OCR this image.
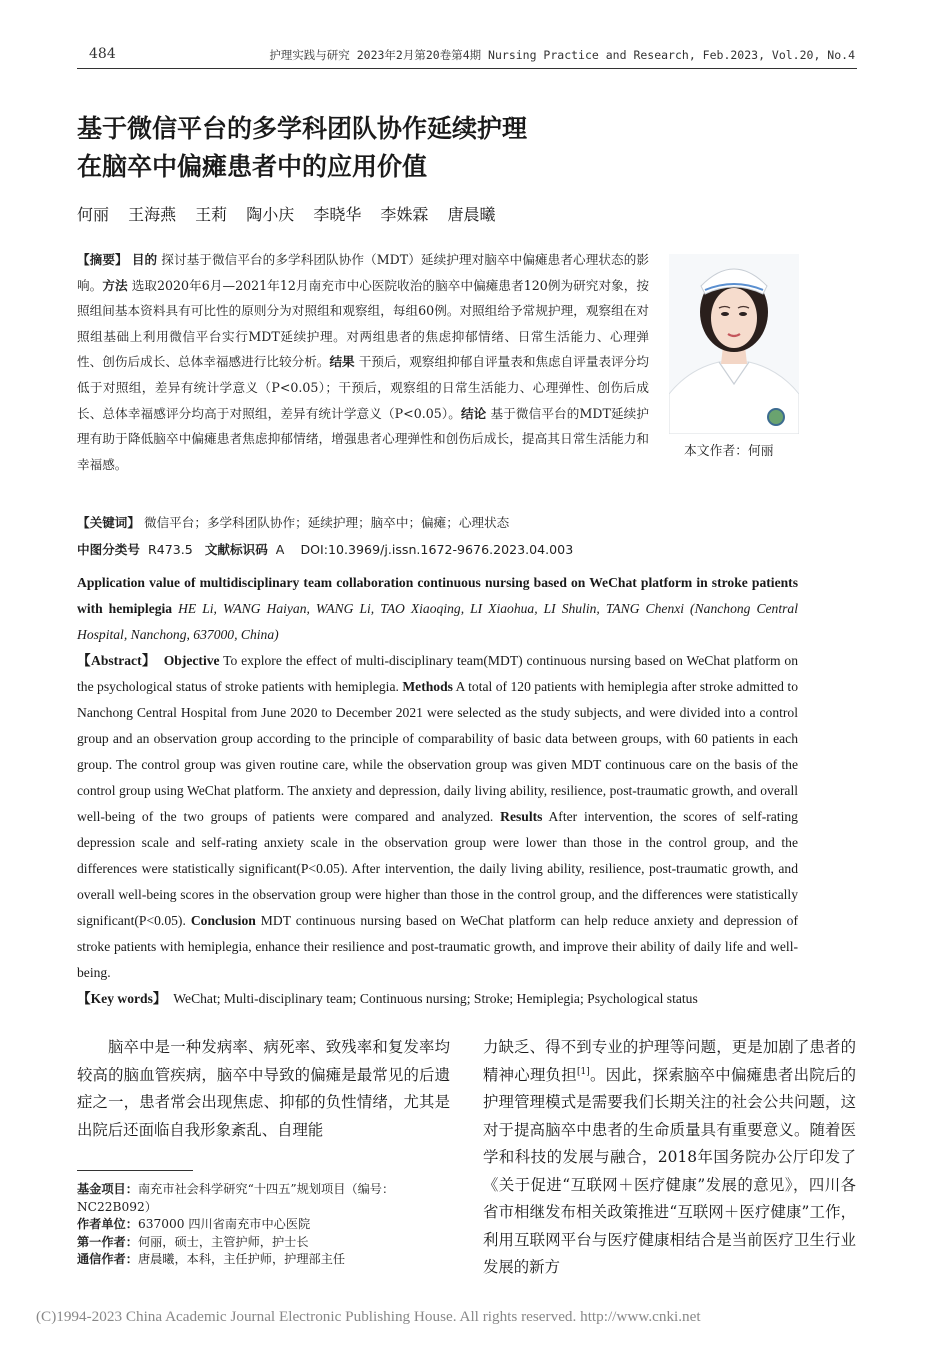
484	护理实践与研究 2023年2月第20卷第4期 Nursing Practice and Research, Feb.2023, Vol.20, No.4
基于微信平台的多学科团队协作延续护理
在脑卒中偏瘫患者中的应用价值
何丽 王海燕 王莉 陶小庆 李晓华 李姝霖 唐晨曦
【摘要】 目的 探讨基于微信平台的多学科团队协作（MDT）延续护理对脑卒中偏瘫患者心理状态的影响。方法 选取2020年6月—2021年12月南充市中心医院收治的脑卒中偏瘫患者120例为研究对象，按照组间基本资料具有可比性的原则分为对照组和观察组，每组60例。对照组给予常规护理，观察组在对照组基础上利用微信平台实行MDT延续护理。对两组患者的焦虑抑郁情绪、日常生活能力、心理弹性、创伤后成长、总体幸福感进行比较分析。结果 干预后，观察组抑郁自评量表和焦虑自评量表评分均低于对照组，差异有统计学意义（P<0.05）；干预后，观察组的日常生活能力、心理弹性、创伤后成长、总体幸福感评分均高于对照组，差异有统计学意义（P<0.05）。结论 基于微信平台的MDT延续护理有助于降低脑卒中偏瘫患者焦虑抑郁情绪，增强患者心理弹性和创伤后成长，提高其日常生活能力和幸福感。
本文作者：何丽
【关键词】 微信平台；多学科团队协作；延续护理；脑卒中；偏瘫；心理状态
中图分类号 R473.5 文献标识码 A DOI:10.3969/j.issn.1672-9676.2023.04.003
Application value of multidisciplinary team collaboration continuous nursing based on WeChat platform in stroke patients with hemiplegia HE Li, WANG Haiyan, WANG Li, TAO Xiaoqing, LI Xiaohua, LI Shulin, TANG Chenxi (Nanchong Central Hospital, Nanchong, 637000, China)
【Abstract】 Objective To explore the effect of multi-disciplinary team(MDT) continuous nursing based on WeChat platform on the psychological status of stroke patients with hemiplegia. Methods A total of 120 patients with hemiplegia after stroke admitted to Nanchong Central Hospital from June 2020 to December 2021 were selected as the study subjects, and were divided into a control group and an observation group according to the principle of comparability of basic data between groups, with 60 patients in each group. The control group was given routine care, while the observation group was given MDT continuous care on the basis of the control group using WeChat platform. The anxiety and depression, daily living ability, resilience, post-traumatic growth, and overall well-being of the two groups of patients were compared and analyzed. Results After intervention, the scores of self-rating depression scale and self-rating anxiety scale in the observation group were lower than those in the control group, and the differences were statistically significant(P<0.05). After intervention, the daily living ability, resilience, post-traumatic growth, and overall well-being scores in the observation group were higher than those in the control group, and the differences were statistically significant(P<0.05). Conclusion MDT continuous nursing based on WeChat platform can help reduce anxiety and depression of stroke patients with hemiplegia, enhance their resilience and post-traumatic growth, and improve their ability of daily life and well-being.
【Key words】 WeChat; Multi-disciplinary team; Continuous nursing; Stroke; Hemiplegia; Psychological status
脑卒中是一种发病率、病死率、致残率和复发率均较高的脑血管疾病，脑卒中导致的偏瘫是最常见的后遗症之一，患者常会出现焦虑、抑郁的负性情绪，尤其是出院后还面临自我形象紊乱、自理能
力缺乏、得不到专业的护理等问题，更是加剧了患者的精神心理负担[1]。因此，探索脑卒中偏瘫患者出院后的护理管理模式是需要我们长期关注的社会公共问题，这对于提高脑卒中患者的生命质量具有重要意义。随着医学和科技的发展与融合，2018年国务院办公厅印发了《关于促进“互联网＋医疗健康”发展的意见》，四川各省市相继发布相关政策推进“互联网＋医疗健康”工作，利用互联网平台与医疗健康相结合是当前医疗卫生行业发展的新方
基金项目：南充市社会科学研究“十四五”规划项目（编号：NC22B092）
作者单位：637000 四川省南充市中心医院
第一作者：何丽，硕士，主管护师，护士长
通信作者：唐晨曦，本科，主任护师，护理部主任
(C)1994-2023 China Academic Journal Electronic Publishing House. All rights reserved. http://www.cnki.net
